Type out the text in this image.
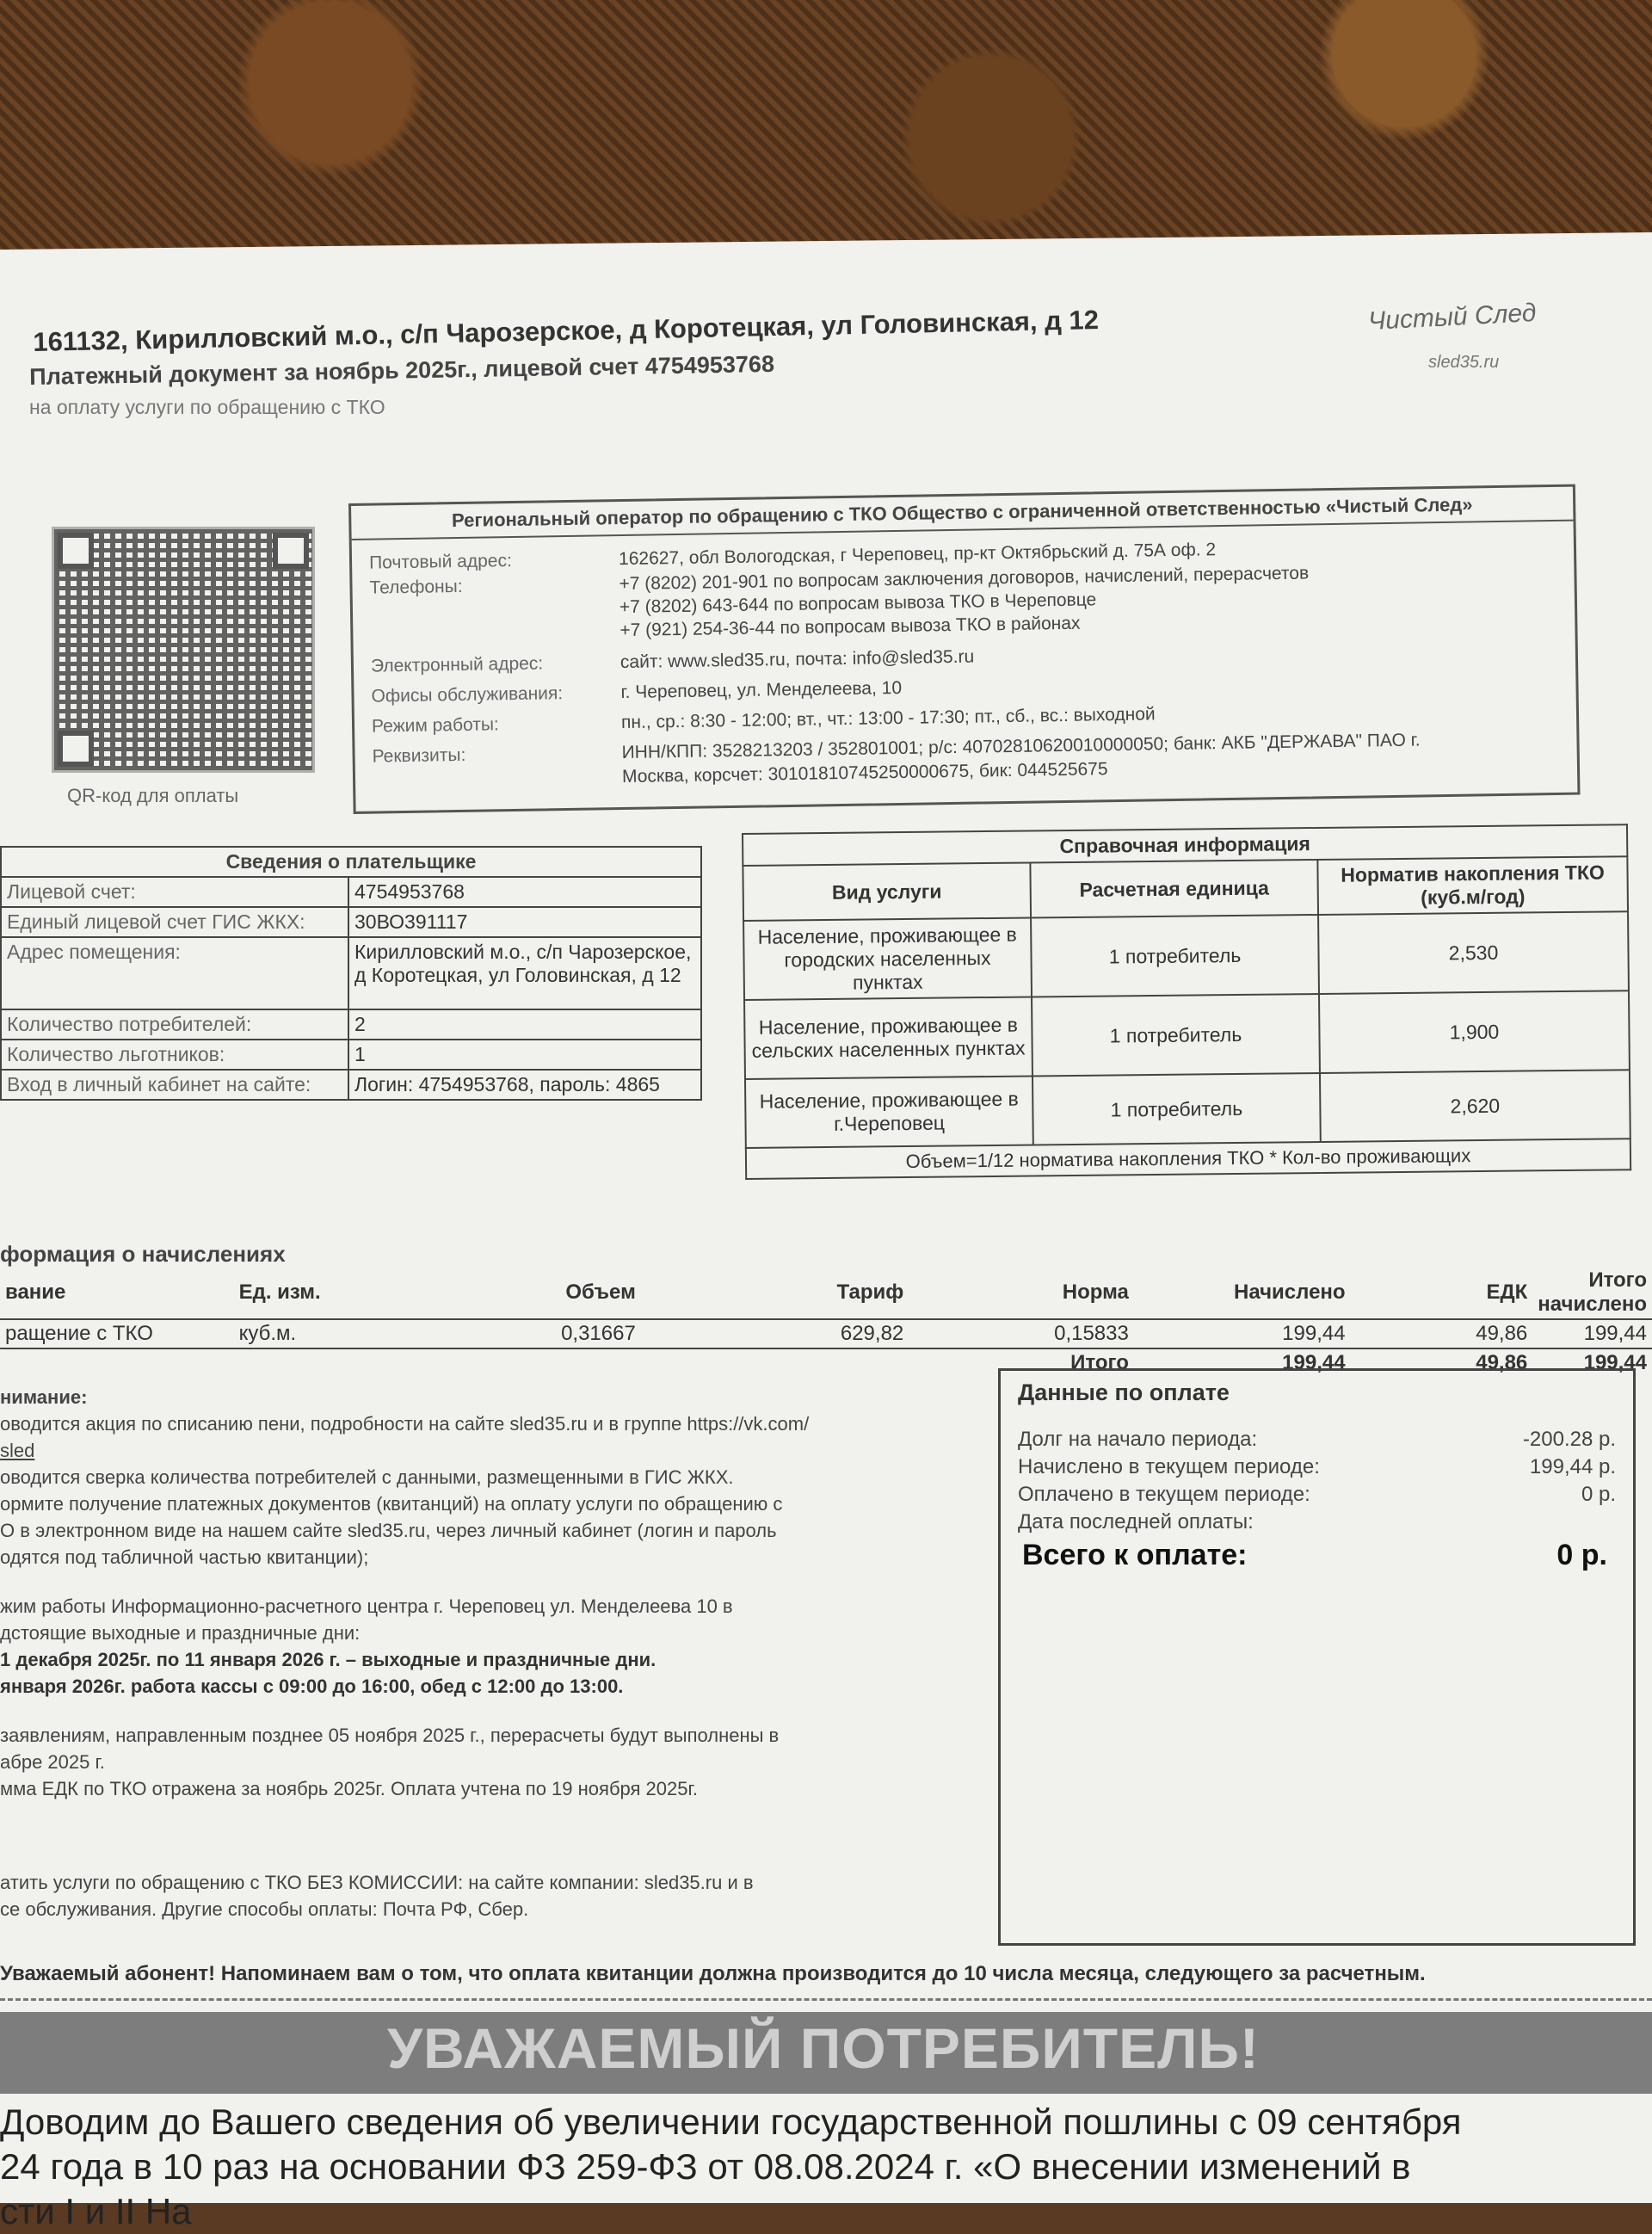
161132, Кирилловский м.о., с/п Чарозерское, д Коротецкая, ул Головинская, д 12
Платежный документ за ноябрь 2025г., лицевой счет 4754953768
на оплату услуги по обращению с ТКО
Чистый След
sled35.ru
QR-код для оплаты
Региональный оператор по обращению с ТКО Общество с ограниченной ответственностью «Чистый След»
Почтовый адрес:	162627, обл Вологодская, г Череповец, пр-кт Октябрьский д. 75А оф. 2
Телефоны:	+7 (8202) 201-901 по вопросам заключения договоров, начислений, перерасчетов
+7 (8202) 643-644 по вопросам вывоза ТКО в Череповце
+7 (921) 254-36-44 по вопросам вывоза ТКО в районах
Электронный адрес:	сайт: www.sled35.ru, почта: info@sled35.ru
Офисы обслуживания:	г. Череповец, ул. Менделеева, 10
Режим работы:	пн., ср.: 8:30 - 12:00; вт., чт.: 13:00 - 17:30; пт., сб., вс.: выходной
Реквизиты:	ИНН/КПП: 3528213203 / 352801001; р/с: 40702810620010000050; банк: АКБ "ДЕРЖАВА" ПАО г.
Москва, корсчет: 30101810745250000675, бик: 044525675
Сведения о плательщике	
Лицевой счет:	4754953768
Единый лицевой счет ГИС ЖКХ:	30ВО391117
Адрес помещения:	Кирилловский м.о., с/п Чарозерское, д Коротецкая, ул Головинская, д 12
Количество потребителей:	2
Количество льготников:	1
Вход в личный кабинет на сайте:	Логин: 4754953768, пароль: 4865
Справочная информация		
Вид услуги	Расчетная единица	Норматив накопления ТКО (куб.м/год)
Население, проживающее в городских населенных пунктах	1 потребитель	2,530
Население, проживающее в сельских населенных пунктах	1 потребитель	1,900
Население, проживающее в г.Череповец	1 потребитель	2,620
Объем=1/12 норматива накопления ТКО * Кол-во проживающих		
формация о начислениях
вание	Ед. изм.	Объем	Тариф	Норма	Начислено	ЕДК	Итого начислено
ращение с ТКО	куб.м.	0,31667	629,82	0,15833	199,44	49,86	199,44
				Итого	199,44	49,86	199,44

нимание:

оводится акция по списанию пени, подробности на сайте sled35.ru и в группе https://vk.com/

sled

оводится сверка количества потребителей с данными, размещенными в ГИС ЖКХ.

ормите получение платежных документов (квитанций) на оплату услуги по обращению с

О в электронном виде на нашем сайте sled35.ru, через личный кабинет (логин и пароль

одятся под табличной частью квитанции);

жим работы Информационно-расчетного центра г. Череповец ул. Менделеева 10 в

дстоящие выходные и праздничные дни:

1 декабря 2025г. по 11 января 2026 г. – выходные и праздничные дни.

января 2026г. работа кассы с 09:00 до 16:00, обед с 12:00 до 13:00.

заявлениям, направленным позднее 05 ноября 2025 г., перерасчеты будут выполнены в

абре 2025 г.

мма ЕДК по ТКО отражена за ноябрь 2025г. Оплата учтена по 19 ноября 2025г.

атить услуги по обращению с ТКО БЕЗ КОМИССИИ: на сайте компании: sled35.ru и в

се обслуживания. Другие способы оплаты: Почта РФ, Сбер.

Данные по оплате
Долг на начало периода:	-200.28 р.
Начислено в текущем периоде:	199,44 р.
Оплачено в текущем периоде:	0 р.
Дата последней оплаты:
Всего к оплате:	0 р.
Уважаемый абонент! Напоминаем вам о том, что оплата квитанции должна производится до 10 числа месяца, следующего за расчетным.
УВАЖАЕМЫЙ ПОТРЕБИТЕЛЬ!

Доводим до Вашего сведения об увеличении государственной пошлины с 09 сентября

24 года в 10 раз на основании ФЗ 259-ФЗ от 08.08.2024 г. «О внесении изменений в

сти I и II На
